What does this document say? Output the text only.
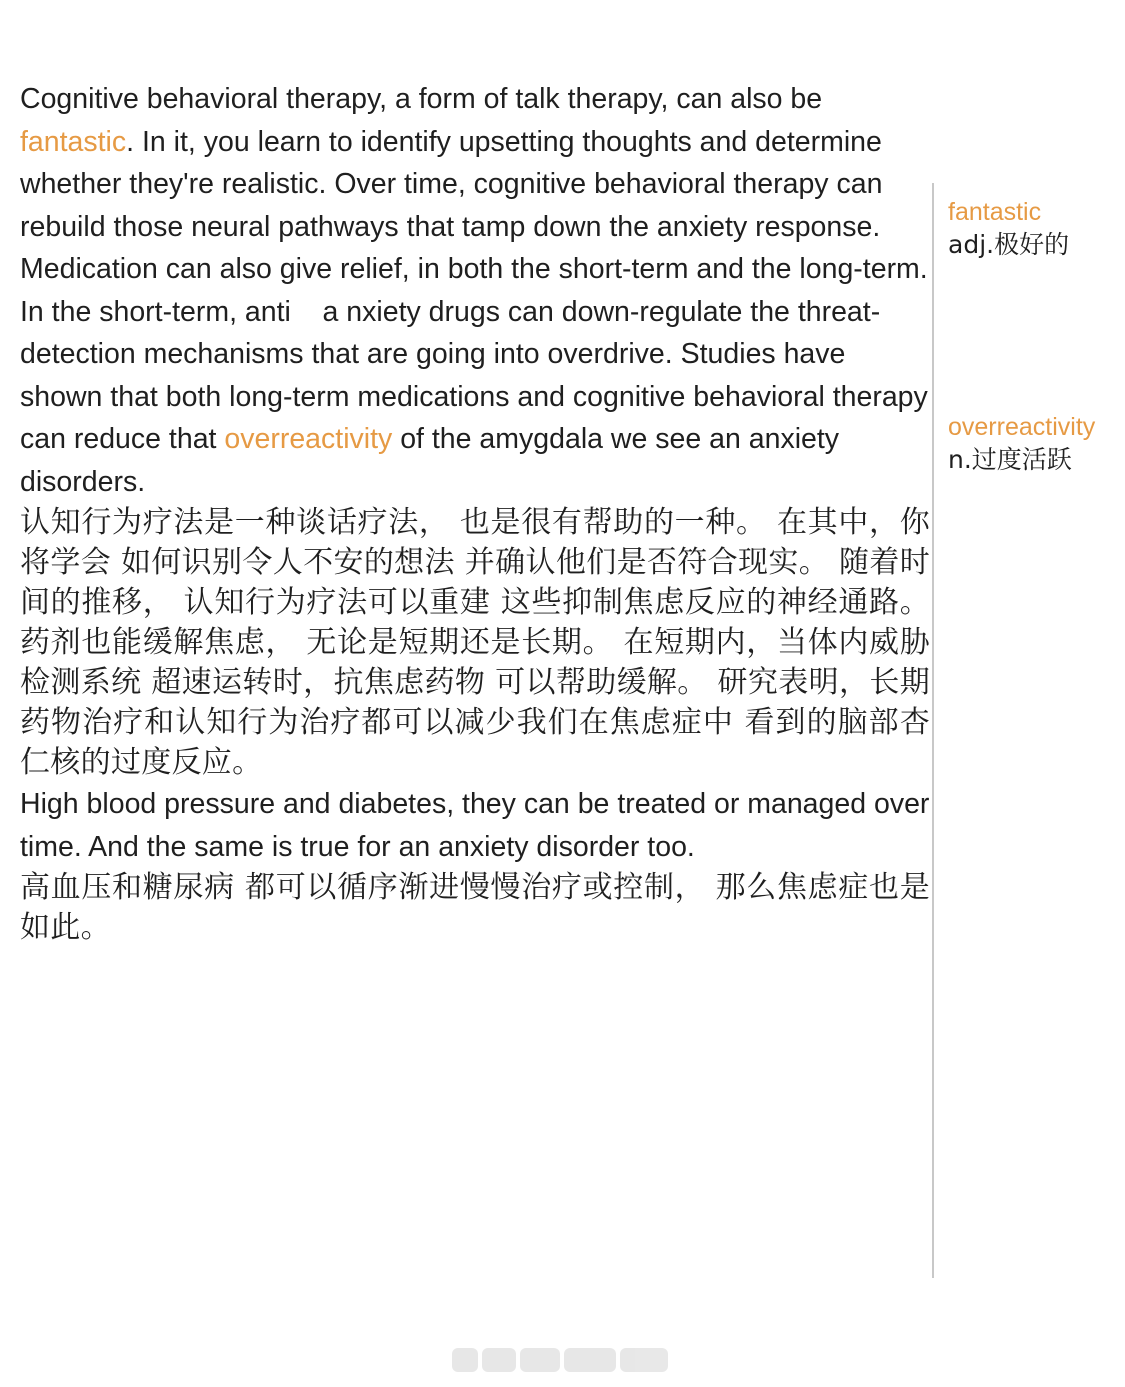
Cognitive behavioral therapy, a form of talk therapy, can also be fantastic. In it, you learn to identify upsetting thoughts and determine whether they're realistic. Over time, cognitive behavioral therapy can rebuild those neural pathways that tamp down the anxiety response. Medication can also give relief, in both the short-term and the long-term. In the short-term, anti    a nxiety drugs can down-regulate the threat-detection mechanisms that are going into overdrive. Studies have shown that both long-term medications and cognitive behavioral therapy can reduce that overreactivity of the amygdala we see an anxiety disorders.

认知行为疗法是一种谈话疗法， 也是很有帮助的一种。 在其中，你将学会 如何识别令人不安的想法 并确认他们是否符合现实。 随着时间的推移， 认知行为疗法可以重建 这些抑制焦虑反应的神经通路。 药剂也能缓解焦虑， 无论是短期还是长期。 在短期内，当体内威胁检测系统 超速运转时，抗焦虑药物 可以帮助缓解。 研究表明，长期药物治疗和认知行为治疗都可以减少我们在焦虑症中 看到的脑部杏仁核的过度反应。

High blood pressure and diabetes, they can be treated or managed over time. And the same is true for an anxiety disorder too.

高血压和糖尿病 都可以循序渐进慢慢治疗或控制， 那么焦虑症也是如此。

fantastic
adj.极好的
overreactivity
n.过度活跃
